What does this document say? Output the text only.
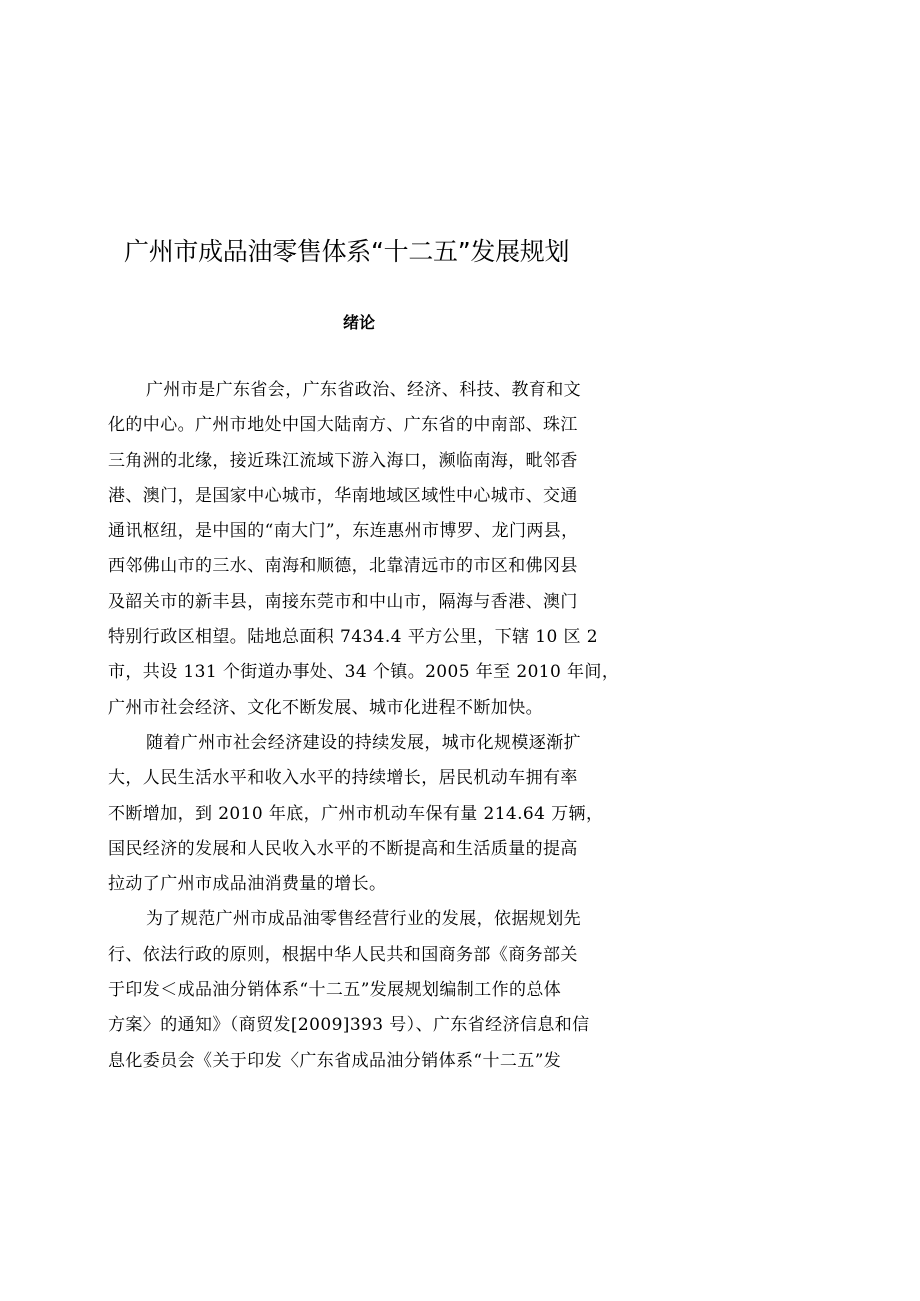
广州市成品油零售体系“十二五”发展规划
绪论
广州市是广东省会，广东省政治、经济、科技、教育和文
化的中心。广州市地处中国大陆南方、广东省的中南部、珠江
三角洲的北缘，接近珠江流域下游入海口，濒临南海，毗邻香
港、澳门，是国家中心城市，华南地域区域性中心城市、交通
通讯枢纽，是中国的“南大门”，东连惠州市博罗、龙门两县，
西邻佛山市的三水、南海和顺德，北靠清远市的市区和佛冈县
及韶关市的新丰县，南接东莞市和中山市，隔海与香港、澳门
特别行政区相望。陆地总面积 7434.4 平方公里，下辖 10 区 2
市，共设 131 个街道办事处、34 个镇。2005 年至 2010 年间，
广州市社会经济、文化不断发展、城市化进程不断加快。
随着广州市社会经济建设的持续发展，城市化规模逐渐扩
大，人民生活水平和收入水平的持续增长，居民机动车拥有率
不断增加，到 2010 年底，广州市机动车保有量 214.64 万辆，
国民经济的发展和人民收入水平的不断提高和生活质量的提高
拉动了广州市成品油消费量的增长。
为了规范广州市成品油零售经营行业的发展，依据规划先
行、依法行政的原则，根据中华人民共和国商务部《商务部关
于印发＜成品油分销体系“十二五”发展规划编制工作的总体
方案〉的通知》（商贸发[2009]393 号）、广东省经济信息和信
息化委员会《关于印发〈广东省成品油分销体系“十二五”发
